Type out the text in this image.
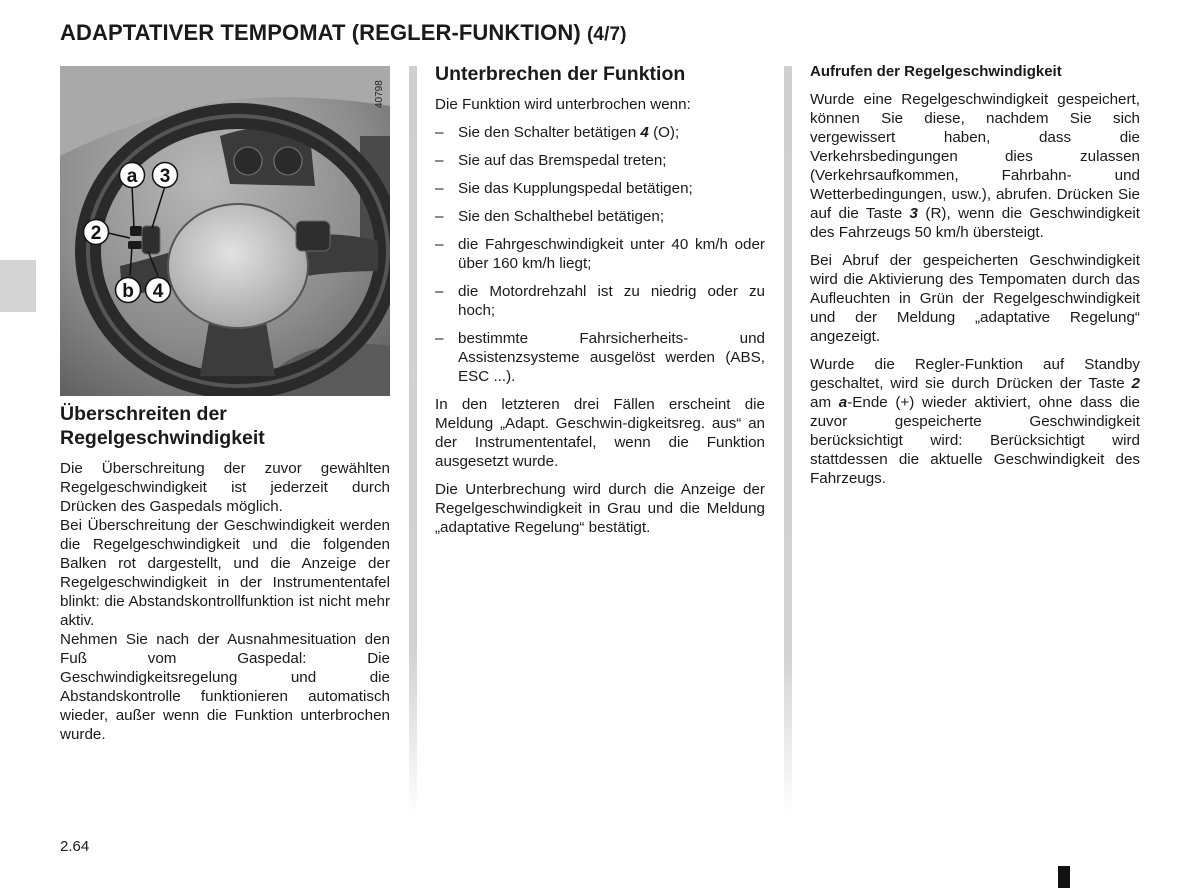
ADAPTATIVER TEMPOMAT (REGLER-FUNKTION) (4/7)
a 3
2
b 4
40798
Überschreiten der
Regelgeschwindigkeit

Die Überschreitung der zuvor gewählten Regelgeschwindigkeit ist jederzeit durch Drücken des Gaspedals möglich.

Bei Überschreitung der Geschwindigkeit werden die Regelgeschwindigkeit und die folgenden Balken rot dargestellt, und die Anzeige der Regelgeschwindigkeit in der Instrumententafel blinkt: die Abstandskontrollfunktion ist nicht mehr aktiv.

Nehmen Sie nach der Ausnahmesituation den Fuß vom Gaspedal: Die Geschwindigkeitsregelung und die Abstandskontrolle funktionieren automatisch wieder, außer wenn die Funktion unterbrochen wurde.

Unterbrechen der Funktion

Die Funktion wird unterbrochen wenn:

– Sie den Schalter betätigen 4 (O);
– Sie auf das Bremspedal treten;
– Sie das Kupplungspedal betätigen;
– Sie den Schalthebel betätigen;
– die Fahrgeschwindigkeit unter 40 km/h oder über 160 km/h liegt;
– die Motordrehzahl ist zu niedrig oder zu hoch;
– bestimmte Fahrsicherheits- und Assistenzsysteme ausgelöst werden (ABS, ESC ...).

In den letzteren drei Fällen erscheint die Meldung „Adapt. Geschwin-digkeitsreg. aus“ an der Instrumententafel, wenn die Funktion ausgesetzt wurde.

Die Unterbrechung wird durch die Anzeige der Regelgeschwindigkeit in Grau und die Meldung „adaptative Regelung“ bestätigt.

Aufrufen der Regelgeschwindigkeit

Wurde eine Regelgeschwindigkeit gespeichert, können Sie diese, nachdem Sie sich vergewissert haben, dass die Verkehrsbedingungen dies zulassen (Verkehrsaufkommen, Fahrbahn- und Wetterbedingungen, usw.), abrufen. Drücken Sie auf die Taste 3 (R), wenn die Geschwindigkeit des Fahrzeugs 50 km/h übersteigt.

Bei Abruf der gespeicherten Geschwindigkeit wird die Aktivierung des Tempomaten durch das Aufleuchten in Grün der Regelgeschwindigkeit und der Meldung „adaptative Regelung“ angezeigt.

Wurde die Regler-Funktion auf Standby geschaltet, wird sie durch Drücken der Taste 2 am a-Ende (+) wieder aktiviert, ohne dass die zuvor gespeicherte Geschwindigkeit berücksichtigt wird: Berücksichtigt wird stattdessen die aktuelle Geschwindigkeit des Fahrzeugs.

2.64
